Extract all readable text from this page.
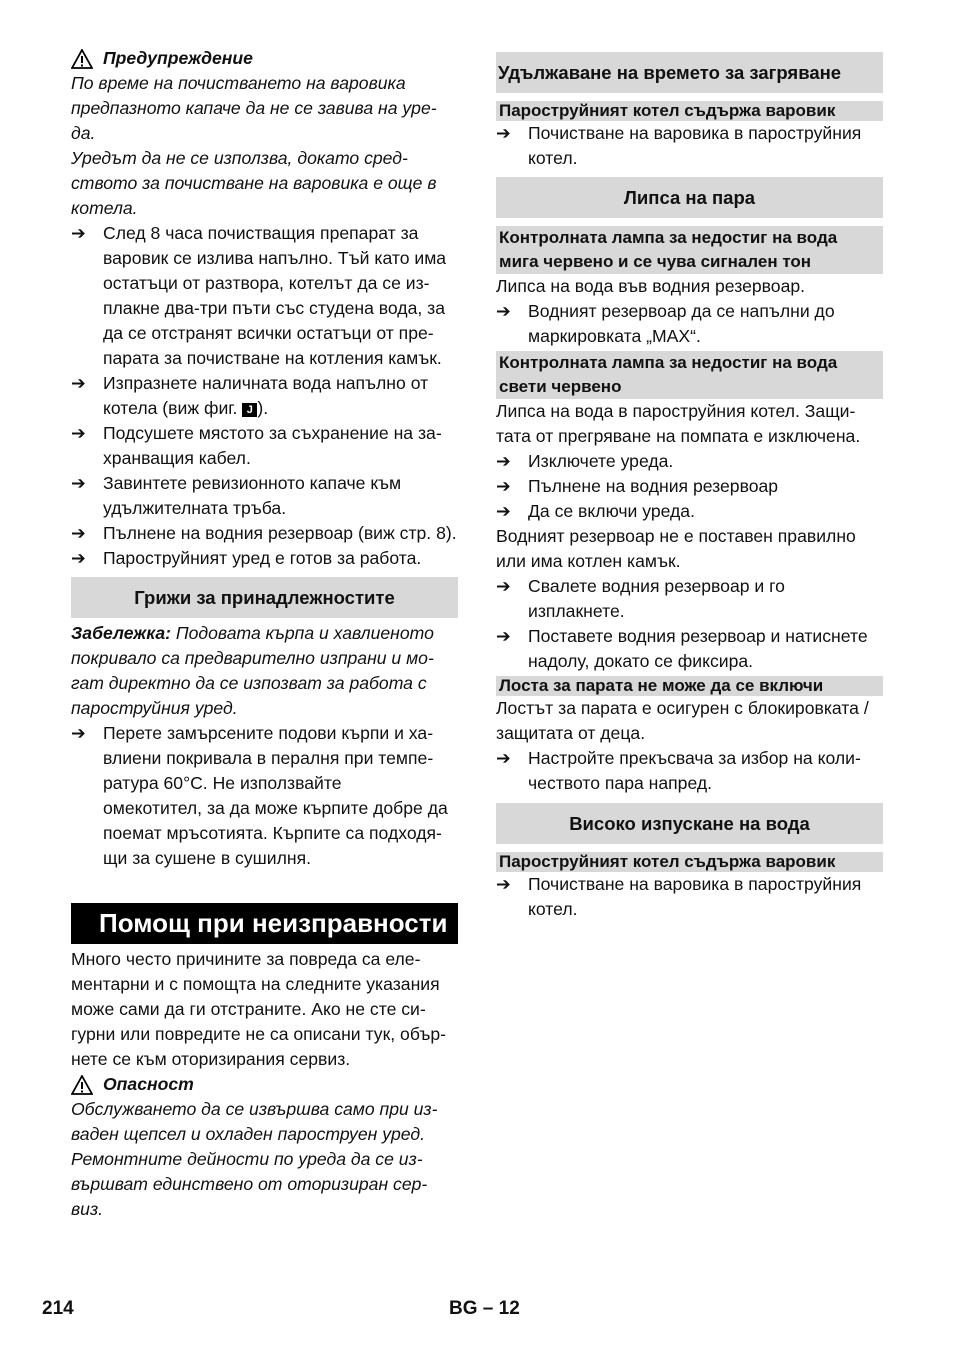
Предупреждение
По време на почистването на варовика
предпазното капаче да не се завива на уре-
да.
Уредът да не се използва, докато сред-
ството за почистване на варовика е още в
котела.
➔ След 8 часа почистващия препарат за
варовик се излива напълно. Тъй като има
остатъци от разтвора, котелът да се из-
плакне два-три пъти със студена вода, за
да се отстранят всички остатъци от пре-
парата за почистване на котления камък.
➔ Изпразнете наличната вода напълно от
котела (виж фиг. J ).
➔ Подсушете мястото за съхранение на за-
хранващия кабел.
➔ Завинтете ревизионното капаче към
удължителната тръба.
➔ Пълнене на водния резервоар (виж стр. 8).
➔ Пароструйният уред е готов за работа.
Грижи за принадлежностите
Забележка: Подовата кърпа и хавлиеното
покривало са предварително изпрани и мо-
гат директно да се изпозват за работа с
пароструйния уред.
➔ Перете замърсените подови кърпи и ха-
влиени покривала в пералня при темпе-
ратура 60°C. Не използвайте
омекотител, за да може кърпите добре да
поемат мръсотията. Кърпите са подходя-
щи за сушене в сушилня.
Помощ при неизправности
Много често причините за повреда са еле-
ментарни и с помощта на следните указания
може сами да ги отстраните. Ако не сте си-
гурни или повредите не са описани тук, обър-
нете се към оторизирания сервиз.
Опасност
Обслужването да се извършва само при из-
ваден щепсел и охладен пароструен уред.
Ремонтните дейности по уреда да се из-
вършват единствено от оторизиран сер-
виз.
Удължаване на времето за загряване
Пароструйният котел съдържа варовик
➔ Почистване на варовика в пароструйния
котел.
Липса на пара
Контролната лампа за недостиг на вода
мига червено и се чува сигнален тон
Липса на вода във водния резервоар.
➔ Водният резервоар да се напълни до
маркировката „MAX“.
Контролната лампа за недостиг на вода
свети червено
Липса на вода в пароструйния котел. Защи-
тата от прегряване на помпата е изключена.
➔ Изключете уреда.
➔ Пълнене на водния резервоар
➔ Да се включи уреда.
Водният резервоар не е поставен правилно
или има котлен камък.
➔ Свалете водния резервоар и го изплакнете.
➔ Поставете водния резервоар и натиснете
надолу, докато се фиксира.
Лоста за парата не може да се включи
Лостът за парата е осигурен с блокировката /
защитата от деца.
➔ Настройте прекъсвача за избор на коли-
чеството пара напред.
Високо изпускане на вода
Пароструйният котел съдържа варовик
➔ Почистване на варовика в пароструйния
котел.
214	BG – 12
